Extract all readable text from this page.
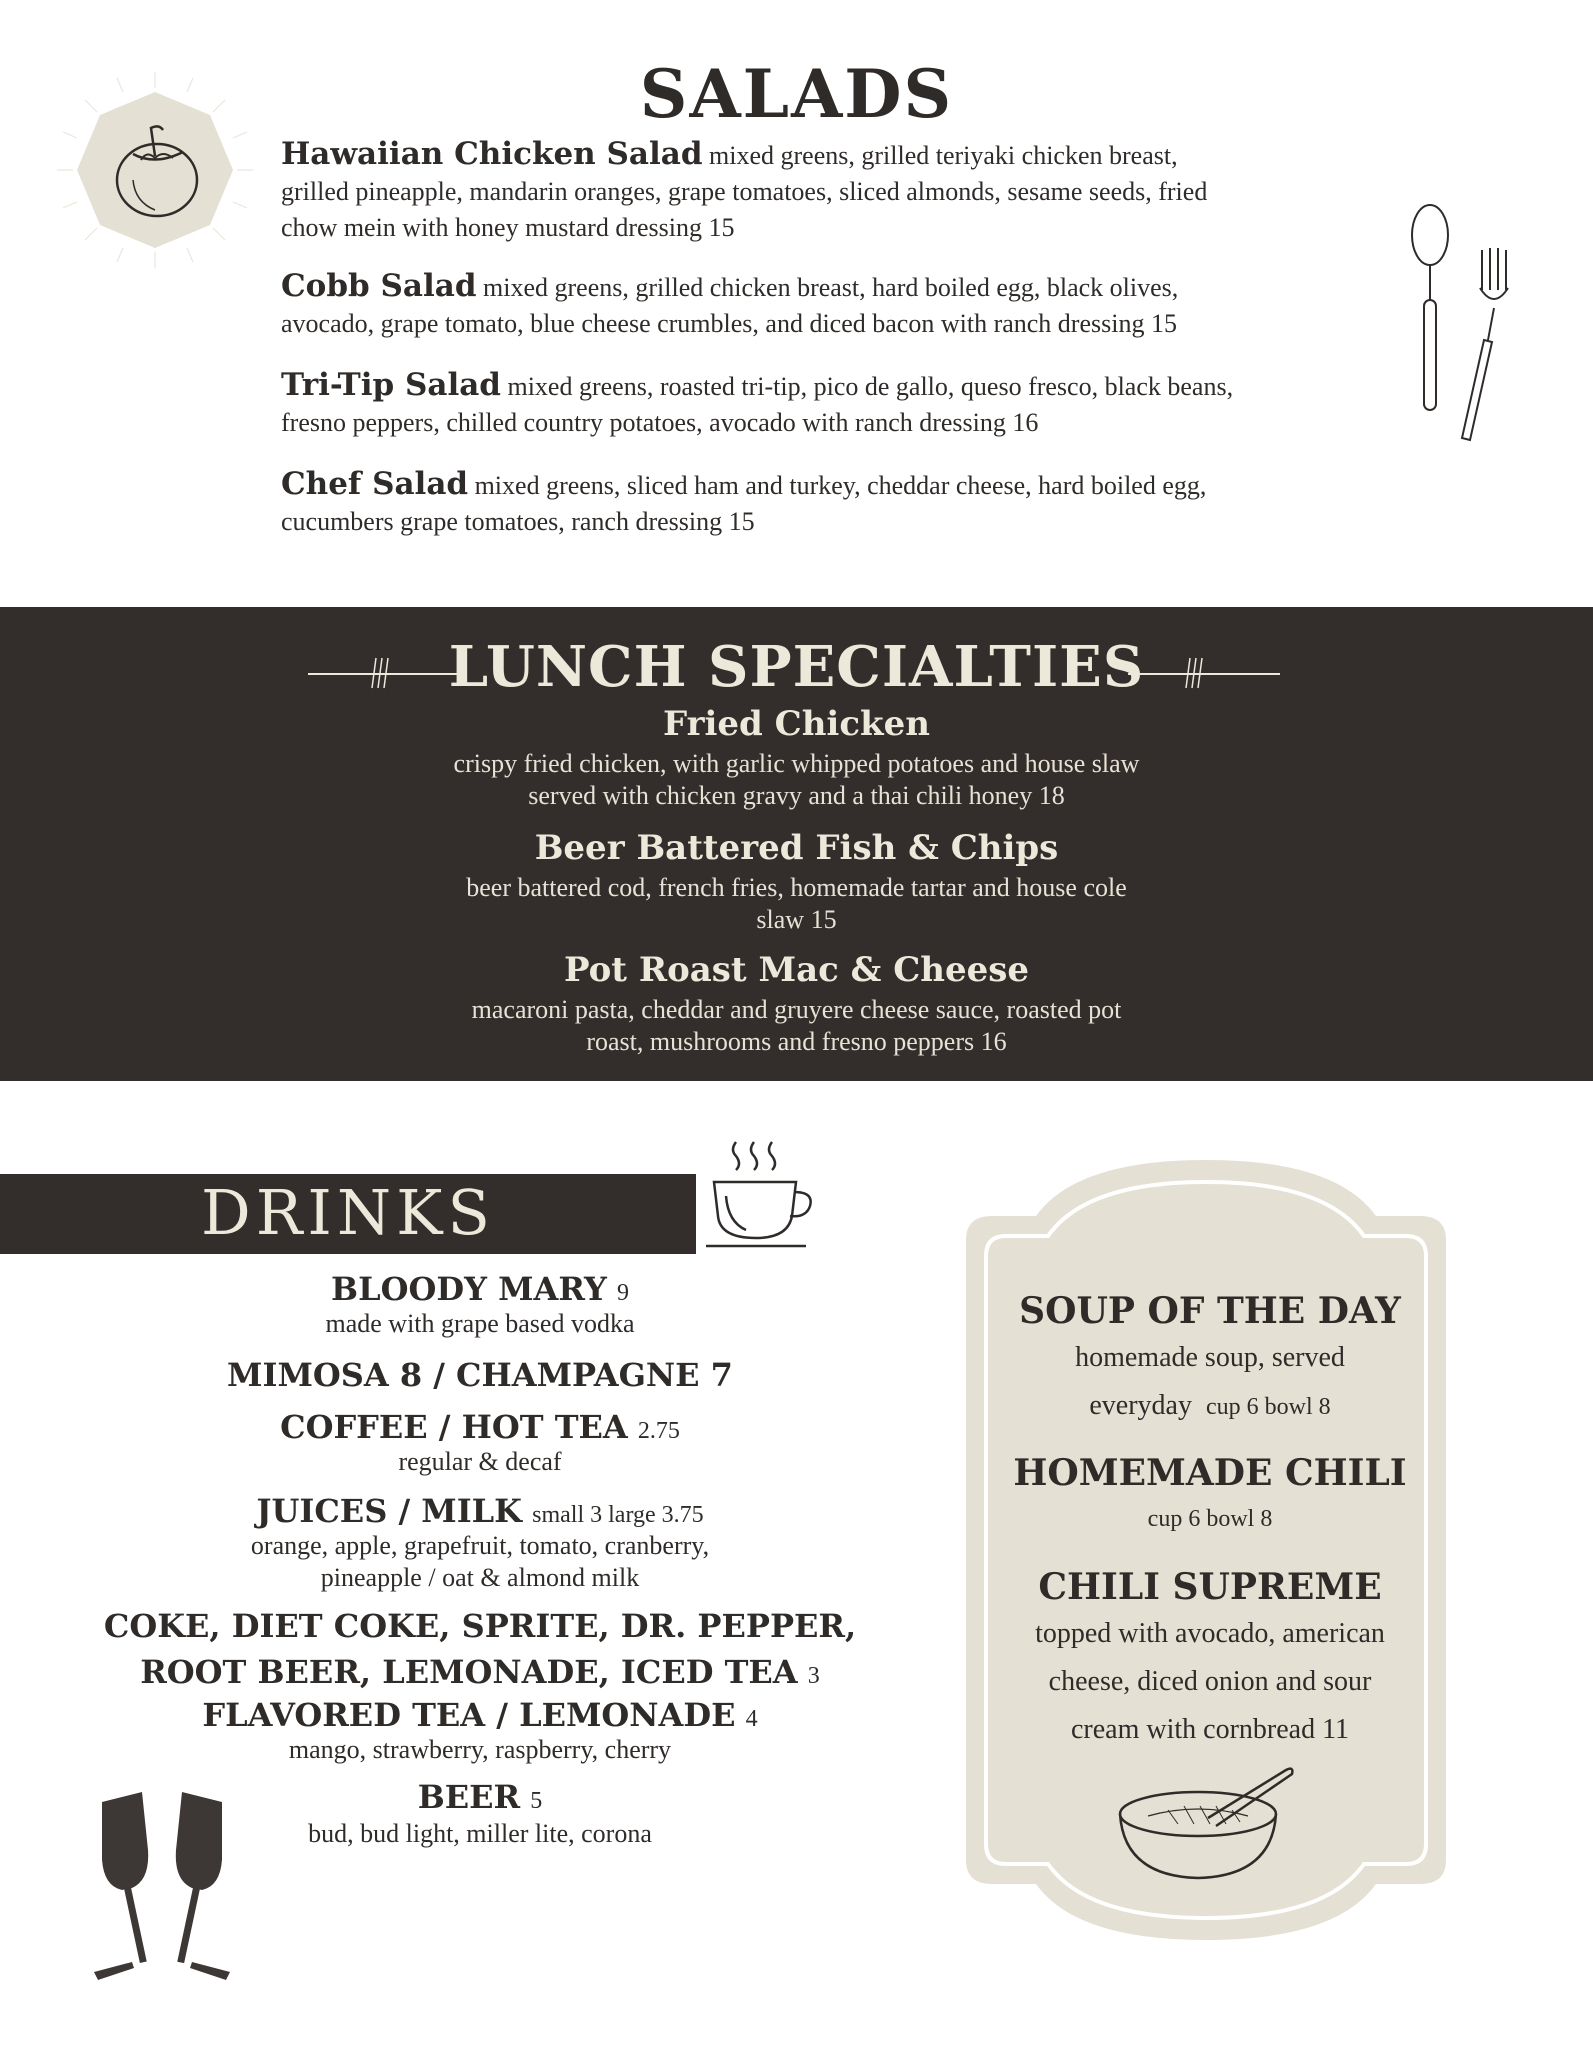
SALADS
Hawaiian Chicken Salad mixed greens, grilled teriyaki chicken breast,
grilled pineapple, mandarin oranges, grape tomatoes, sliced almonds, sesame seeds, fried
chow mein with honey mustard dressing 15
Cobb Salad mixed greens, grilled chicken breast, hard boiled egg, black olives,
avocado, grape tomato, blue cheese crumbles, and diced bacon with ranch dressing 15
Tri-Tip Salad mixed greens, roasted tri-tip, pico de gallo, queso fresco, black beans,
fresno peppers, chilled country potatoes, avocado with ranch dressing 16
Chef Salad mixed greens, sliced ham and turkey, cheddar cheese, hard boiled egg,
cucumbers grape tomatoes, ranch dressing 15
LUNCH SPECIALTIES
Fried Chicken
crispy fried chicken, with garlic whipped potatoes and house slaw
served with chicken gravy and a thai chili honey 18
Beer Battered Fish & Chips
beer battered cod, french fries, homemade tartar and house cole
slaw 15
Pot Roast Mac & Cheese
macaroni pasta, cheddar and gruyere cheese sauce, roasted pot
roast, mushrooms and fresno peppers 16
DRINKS
BLOODY MARY 9
made with grape based vodka
MIMOSA 8 / CHAMPAGNE 7
COFFEE / HOT TEA 2.75
regular & decaf
JUICES / MILK small 3 large 3.75
orange, apple, grapefruit, tomato, cranberry,
pineapple / oat & almond milk
COKE, DIET COKE, SPRITE, DR. PEPPER,
ROOT BEER, LEMONADE, ICED TEA 3
FLAVORED TEA / LEMONADE 4
mango, strawberry, raspberry, cherry
BEER 5
bud, bud light, miller lite, corona
SOUP OF THE DAY
homemade soup, served
everyday cup 6 bowl 8
HOMEMADE CHILI
cup 6 bowl 8
CHILI SUPREME
topped with avocado, american
cheese, diced onion and sour
cream with cornbread 11
